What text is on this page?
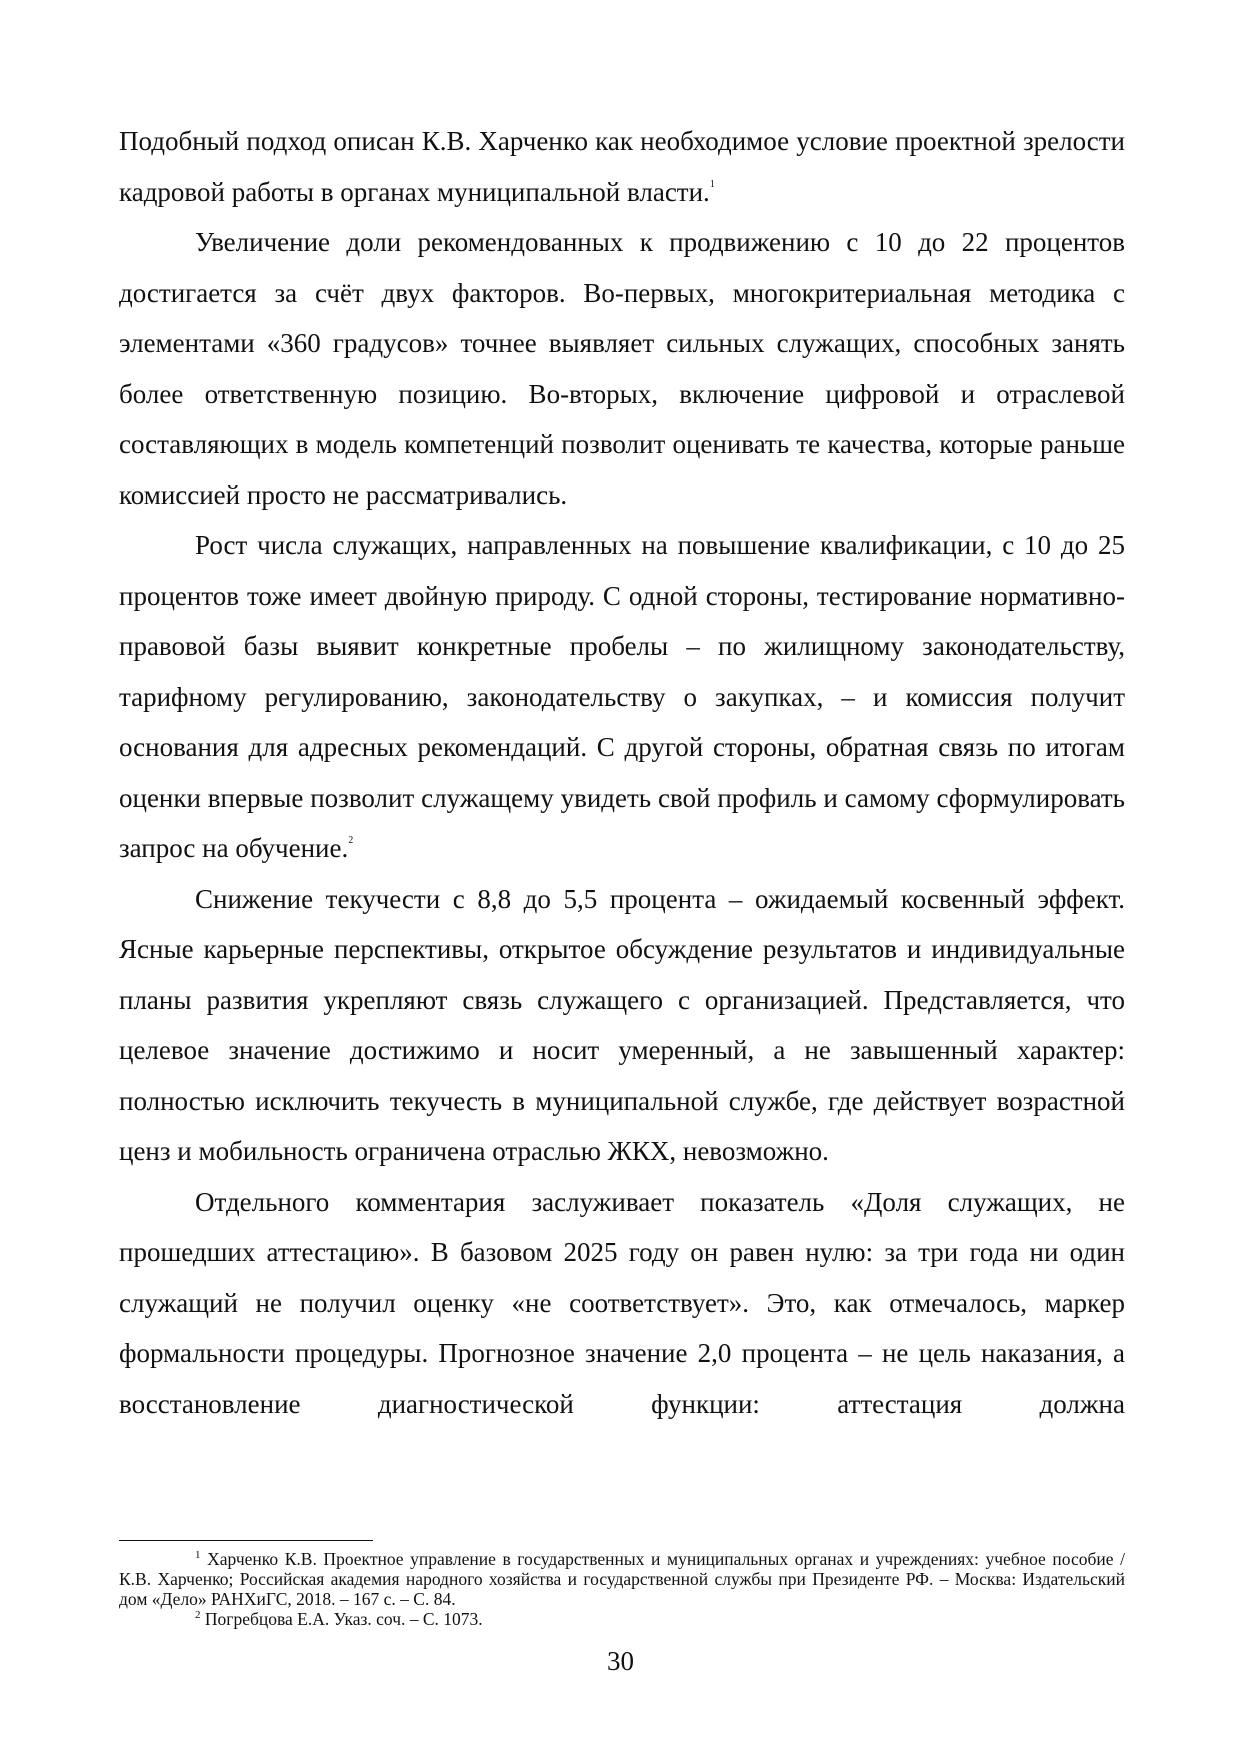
Подобный подход описан К.В. Харченко как необходимое условие проектной зрелости кадровой работы в органах муниципальной власти.$^1$

Увеличение доли рекомендованных к продвижению с 10 до 22 процентов достигается за счёт двух факторов. Во-первых, многокритериальная методика с элементами «360 градусов» точнее выявляет сильных служащих, способных занять более ответственную позицию. Во-вторых, включение цифровой и отраслевой составляющих в модель компетенций позволит оценивать те качества, которые раньше комиссией просто не рассматривались.

Рост числа служащих, направленных на повышение квалификации, с 10 до 25 процентов тоже имеет двойную природу. С одной стороны, тестирование нормативно-правовой базы выявит конкретные пробелы – по жилищному законодательству, тарифному регулированию, законодательству о закупках, – и комиссия получит основания для адресных рекомендаций. С другой стороны, обратная связь по итогам оценки впервые позволит служащему увидеть свой профиль и самому сформулировать запрос на обучение.$^2$

Снижение текучести с 8,8 до 5,5 процента – ожидаемый косвенный эффект. Ясные карьерные перспективы, открытое обсуждение результатов и индивидуальные планы развития укрепляют связь служащего с организацией. Представляется, что целевое значение достижимо и носит умеренный, а не завышенный характер: полностью исключить текучесть в муниципальной службе, где действует возрастной ценз и мобильность ограничена отраслью ЖКХ, невозможно.

Отдельного комментария заслуживает показатель «Доля служащих, не прошедших аттестацию». В базовом 2025 году он равен нулю: за три года ни один служащий не получил оценку «не соответствует». Это, как отмечалось, маркер формальности процедуры. Прогнозное значение 2,0 процента – не цель наказания, а восстановление диагностической функции: аттестация должна

$^1$ Харченко К.В. Проектное управление в государственных и муниципальных органах и учреждениях: учебное пособие / К.В. Харченко; Российская академия народного хозяйства и государственной службы при Президенте РФ. – Москва: Издательский дом «Дело» РАНХиГС, 2018. – 167 с. – С. 84.

$^2$ Погребцова Е.А. Указ. соч. – С. 1073.

30
